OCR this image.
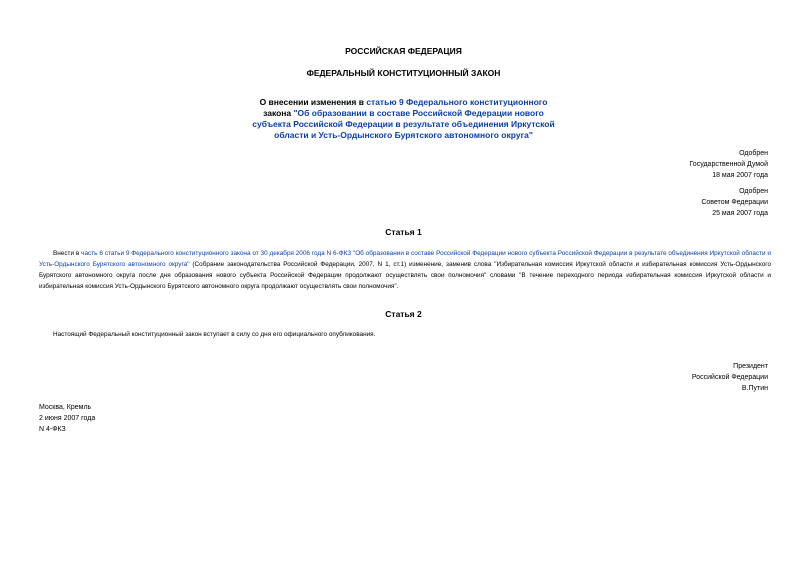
РОССИЙСКАЯ ФЕДЕРАЦИЯ
ФЕДЕРАЛЬНЫЙ КОНСТИТУЦИОННЫЙ ЗАКОН
О внесении изменения в статью 9 Федерального конституционного
закона "Об образовании в составе Российской Федерации нового
субъекта Российской Федерации в результате объединения Иркутской
области и Усть-Ордынского Бурятского автономного округа"
Одобрен
Государственной Думой
18 мая 2007 года
Одобрен
Советом Федерации
25 мая 2007 года
Статья 1
Внести в часть 6 статьи 9 Федерального конституционного закона от 30 декабря 2006 года N 6-ФКЗ "Об образовании в составе Российской Федерации нового субъекта Российской Федерации в результате объединения Иркутской области и Усть-Ордынского Бурятского автономного округа" (Собрание законодательства Российской Федерации, 2007, N 1, ст.1) изменение, заменив слова "Избирательная комиссия Иркутской области и избирательная комиссия Усть-Ордынского Бурятского автономного округа после дня образования нового субъекта Российской Федерации продолжают осуществлять свои полномочия" словами "В течение переходного периода избирательная комиссия Иркутской области и избирательная комиссия Усть-Ордынского Бурятского автономного округа продолжают осуществлять свои полномочия".
Статья 2
Настоящий Федеральный конституционный закон вступает в силу со дня его официального опубликования.
Президент
Российской Федерации
В.Путин
Москва, Кремль
2 июня 2007 года
N 4-ФКЗ
